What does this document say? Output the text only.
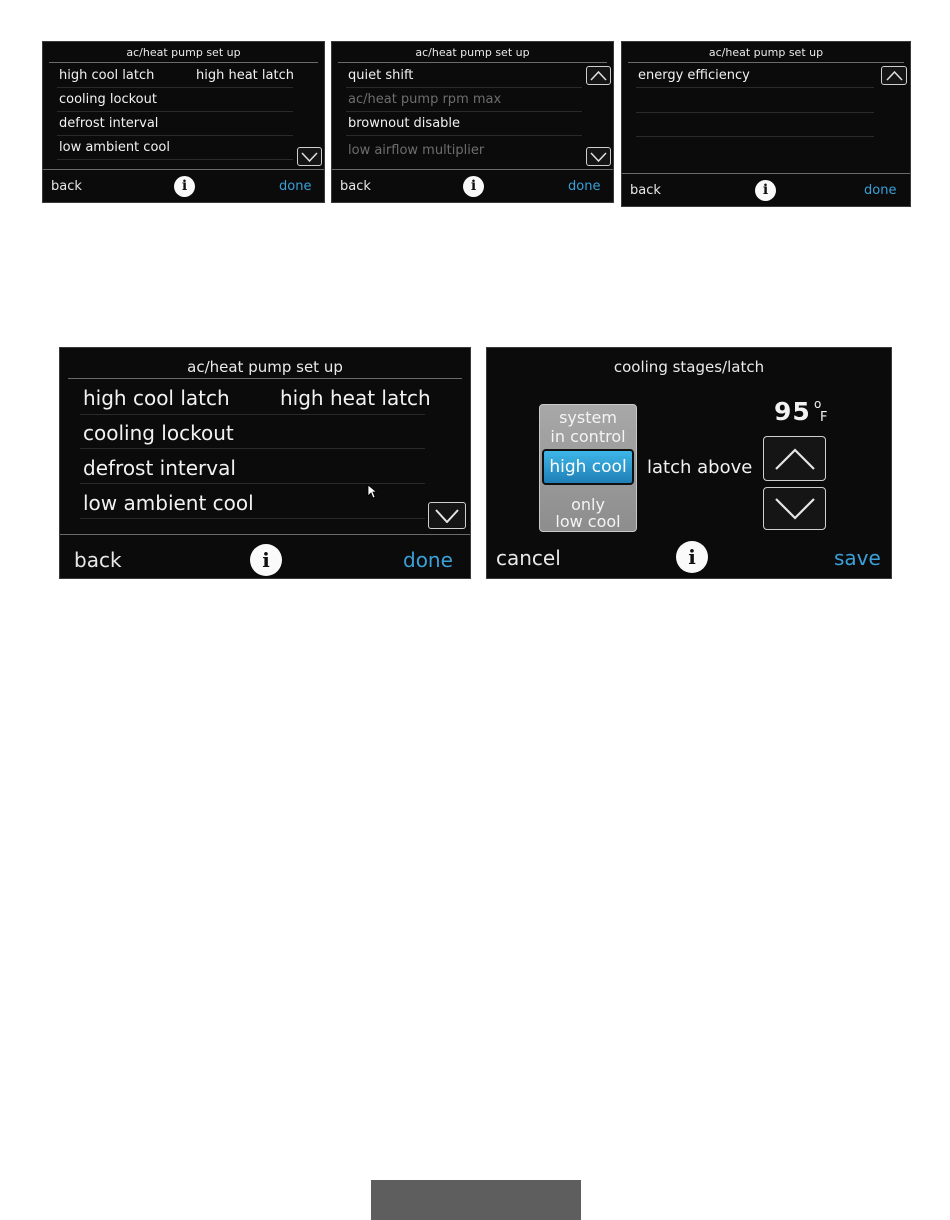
ac/heat pump set up
high cool latch	high heat latch
cooling lockout
defrost interval
low ambient cool
back	i	done
ac/heat pump set up
quiet shift
ac/heat pump rpm max
brownout disable
low airflow multiplier
back	i	done
ac/heat pump set up
energy efficiency
back	i	done
ac/heat pump set up
high cool latch	high heat latch
cooling lockout
defrost interval
low ambient cool
back	i	done
cooling stages/latch
system
in control
high cool
only
low cool
latch above
95 o
F
cancel	i	save
